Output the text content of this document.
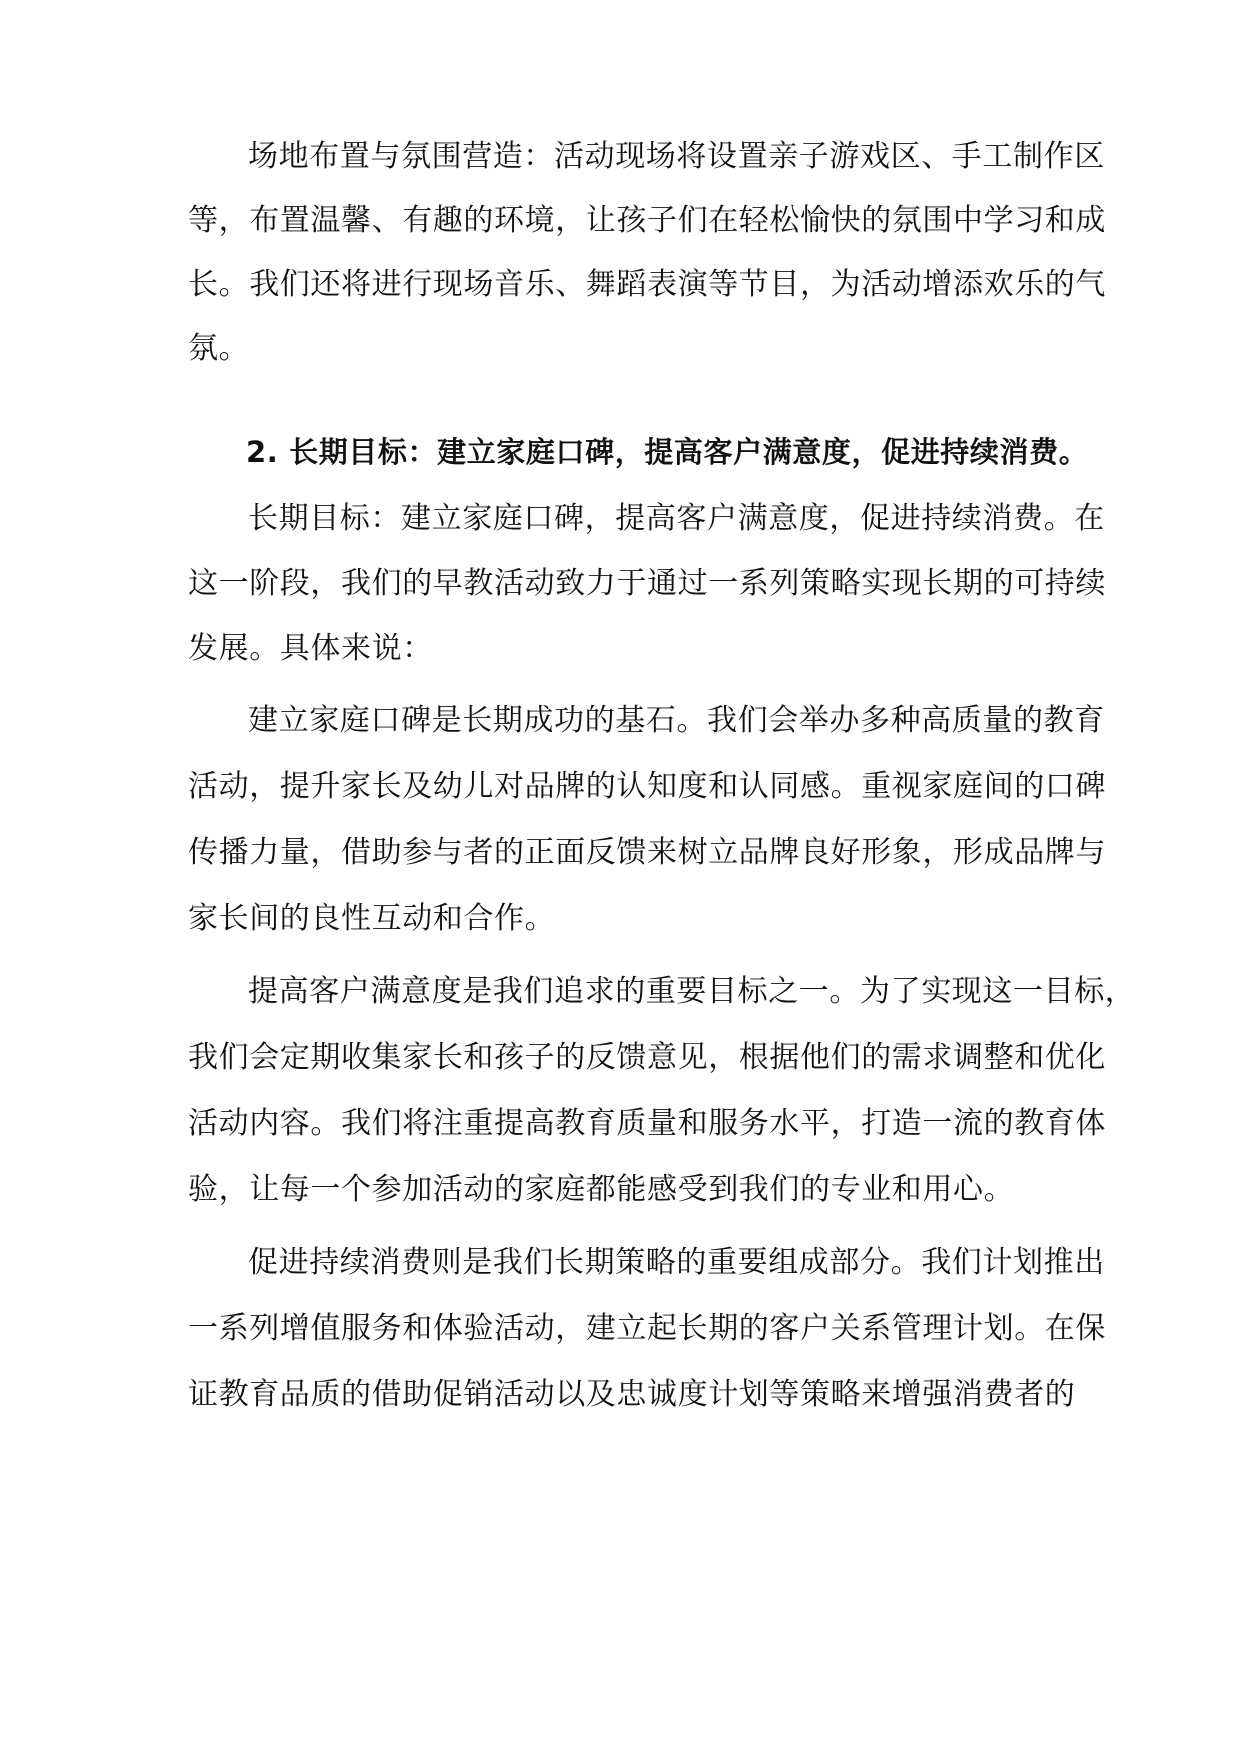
场地布置与氛围营造：活动现场将设置亲子游戏区、手工制作区
等，布置温馨、有趣的环境，让孩子们在轻松愉快的氛围中学习和成
长。我们还将进行现场音乐、舞蹈表演等节目，为活动增添欢乐的气
氛。
2. 长期目标：建立家庭口碑，提高客户满意度，促进持续消费。
长期目标：建立家庭口碑，提高客户满意度，促进持续消费。在
这一阶段，我们的早教活动致力于通过一系列策略实现长期的可持续
发展。具体来说：
建立家庭口碑是长期成功的基石。我们会举办多种高质量的教育
活动，提升家长及幼儿对品牌的认知度和认同感。重视家庭间的口碑
传播力量，借助参与者的正面反馈来树立品牌良好形象，形成品牌与
家长间的良性互动和合作。
提高客户满意度是我们追求的重要目标之一。为了实现这一目标，
我们会定期收集家长和孩子的反馈意见，根据他们的需求调整和优化
活动内容。我们将注重提高教育质量和服务水平，打造一流的教育体
验，让每一个参加活动的家庭都能感受到我们的专业和用心。
促进持续消费则是我们长期策略的重要组成部分。我们计划推出
一系列增值服务和体验活动，建立起长期的客户关系管理计划。在保
证教育品质的借助促销活动以及忠诚度计划等策略来增强消费者的
